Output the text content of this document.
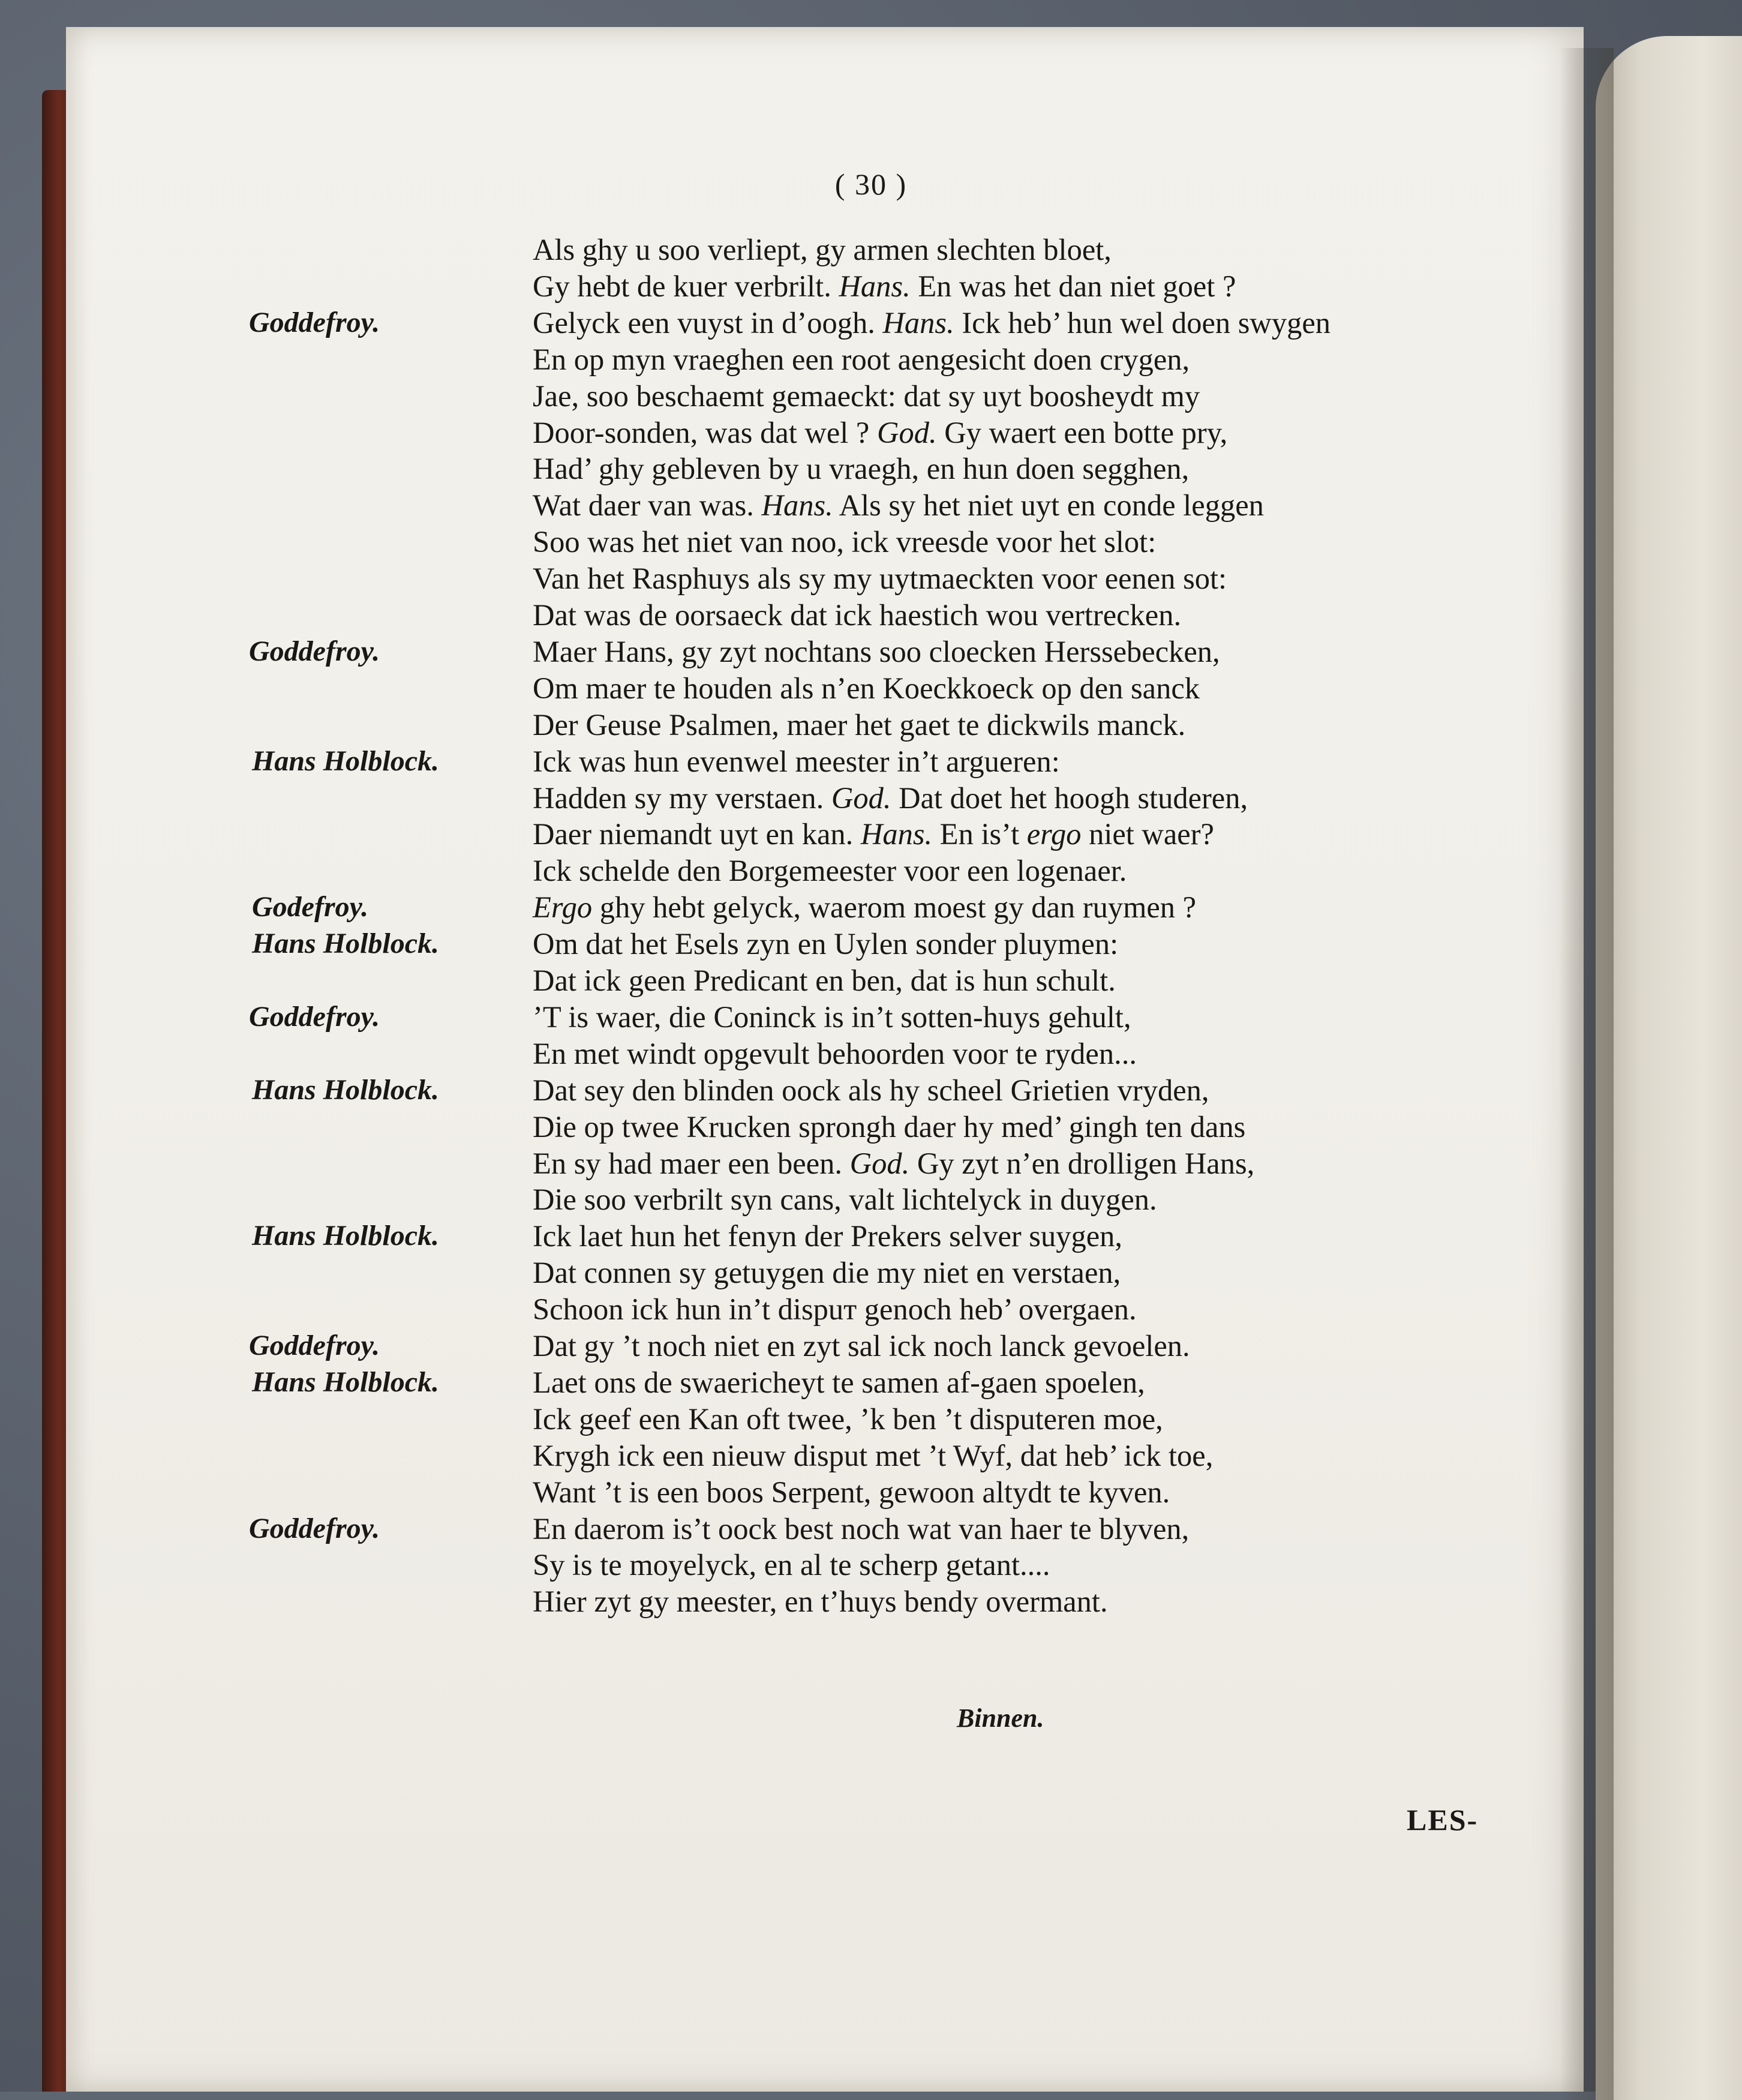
( 30 )
Als ghy u soo verliept, gy armen slechten bloet,
Gy hebt de kuer verbrilt. Hans. En was het dan niet goet ?
Goddefroy.	Gelyck een vuyst in d’oogh. Hans. Ick heb’ hun wel doen swygen
En op myn vraeghen een root aengesicht doen crygen,
Jae, soo beschaemt gemaeckt: dat sy uyt boosheydt my
Door-sonden, was dat wel ? God. Gy waert een botte pry,
Had’ ghy gebleven by u vraegh, en hun doen segghen,
Wat daer van was. Hans. Als sy het niet uyt en conde leggen
Soo was het niet van noo, ick vreesde voor het slot:
Van het Rasphuys als sy my uytmaeckten voor eenen sot:
Dat was de oorsaeck dat ick haestich wou vertrecken.
Goddefroy.	Maer Hans, gy zyt nochtans soo cloecken Herssebecken,
Om maer te houden als n’en Koeckkoeck op den sanck
Der Geuse Psalmen, maer het gaet te dickwils manck.
Hans Holblock.	Ick was hun evenwel meester in’t argueren:
Hadden sy my verstaen. God. Dat doet het hoogh studeren,
Daer niemandt uyt en kan. Hans. En is’t ergo niet waer?
Ick schelde den Borgemeester voor een logenaer.
Godefroy.	Ergo ghy hebt gelyck, waerom moest gy dan ruymen ?
Hans Holblock.	Om dat het Esels zyn en Uylen sonder pluymen:
Dat ick geen Predicant en ben, dat is hun schult.
Goddefroy.	’T is waer, die Coninck is in’t sotten-huys gehult,
En met windt opgevult behoorden voor te ryden...
Hans Holblock.	Dat sey den blinden oock als hy scheel Grietien vryden,
Die op twee Krucken sprongh daer hy med’ gingh ten dans
En sy had maer een been. God. Gy zyt n’en drolligen Hans,
Die soo verbrilt syn cans, valt lichtelyck in duygen.
Hans Holblock.	Ick laet hun het fenyn der Prekers selver suygen,
Dat connen sy getuygen die my niet en verstaen,
Schoon ick hun in’t dispuт genoch heb’ overgaen.
Goddefroy.	Dat gy ’t noch niet en zyt sal ick noch lanck gevoelen.
Hans Holblock.	Laet ons de swaericheyt te samen af-gaen spoelen,
Ick geef een Kan oft twee, ’k ben ’t disputeren moe,
Krygh ick een nieuw disput met ’t Wyf, dat heb’ ick toe,
Want ’t is een boos Serpent, gewoon altydt te kyven.
Goddefroy.	En daerom is’t oock best noch wat van haer te blyven,
Sy is te moyelyck, en al te scherp getant....
Hier zyt gy meester, en t’huys bendy overmant.
Binnen.
LES-
